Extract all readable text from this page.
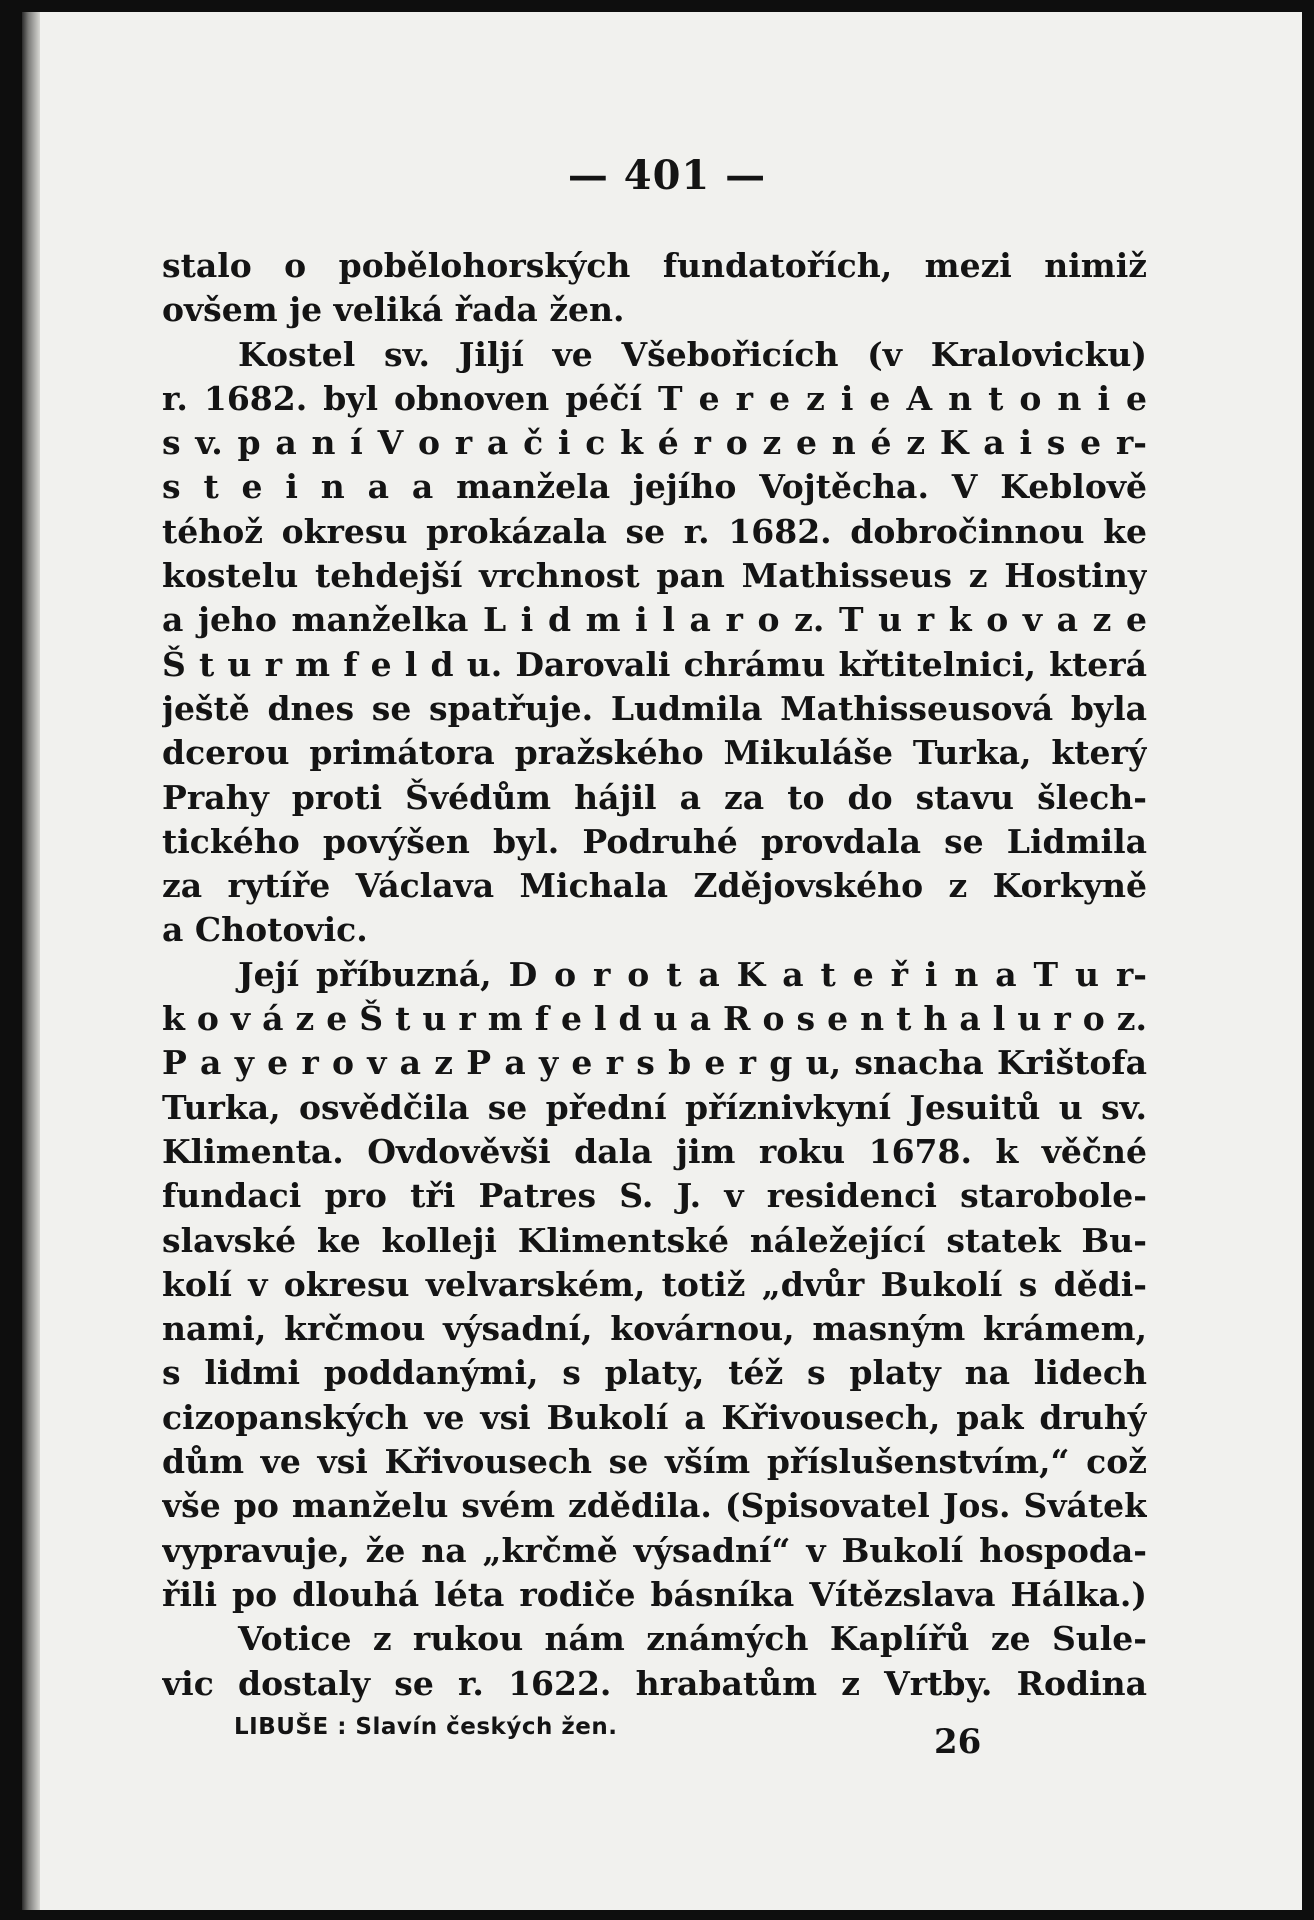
— 401 —
stalo o pobělohorských fundatořích, mezi nimiž
ovšem je veliká řada žen.
Kostel sv. Jiljí ve Všebořicích (v Kralovicku)
r. 1682. byl obnoven péčí T e r e z i e A n t o n i e
s v. p a n í V o r a č i c k é r o z e n é z K a i s e r-
s t e i n a a manžela jejího Vojtěcha. V Keblově
téhož okresu prokázala se r. 1682. dobročinnou ke
kostelu tehdejší vrchnost pan Mathisseus z Hostiny
a jeho manželka L i d m i l a r o z. T u r k o v a z e
Š t u r m f e l d u. Darovali chrámu křtitelnici, která
ještě dnes se spatřuje. Ludmila Mathisseusová byla
dcerou primátora pražského Mikuláše Turka, který
Prahy proti Švédům hájil a za to do stavu šlech-
tického povýšen byl. Podruhé provdala se Lidmila
za rytíře Václava Michala Zdějovského z Korkyně
a Chotovic.
Její příbuzná, D o r o t a K a t e ř i n a T u r-
k o v á z e Š t u r m f e l d u a R o s e n t h a l u r o z.
P a y e r o v a z P a y e r s b e r g u, snacha Krištofa
Turka, osvědčila se přední příznivkyní Jesuitů u sv.
Klimenta. Ovdověvši dala jim roku 1678. k věčné
fundaci pro tři Patres S. J. v residenci starobole-
slavské ke kolleji Klimentské náležející statek Bu-
kolí v okresu velvarském, totiž „dvůr Bukolí s dědi-
nami, krčmou výsadní, kovárnou, masným krámem,
s lidmi poddanými, s platy, též s platy na lidech
cizopanských ve vsi Bukolí a Křivousech, pak druhý
dům ve vsi Křivousech se vším příslušenstvím,“ což
vše po manželu svém zdědila. (Spisovatel Jos. Svátek
vypravuje, že na „krčmě výsadní“ v Bukolí hospoda-
řili po dlouhá léta rodiče básníka Vítězslava Hálka.)
Votice z rukou nám známých Kaplířů ze Sule-
vic dostaly se r. 1622. hrabatům z Vrtby. Rodina
LIBUŠE : Slavín českých žen.	26
